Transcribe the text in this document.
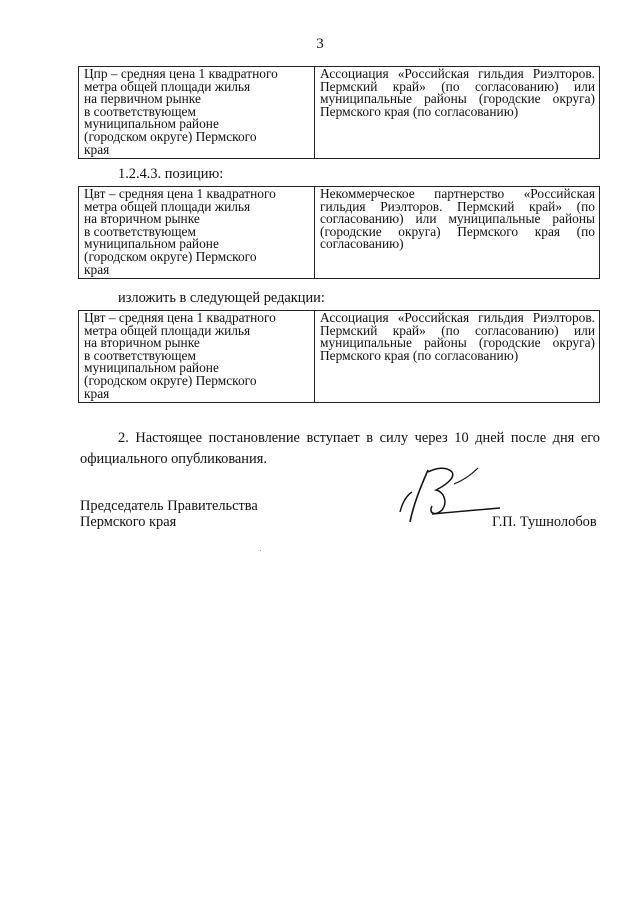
3
Цпр – средняя цена 1 квадратного
метра общей площади жилья
на первичном рынке
в соответствующем
муниципальном районе
(городском округе) Пермского
края
	Ассоциация «Российская гильдия Риэлторов. Пермский край» (по согласованию) или муниципальные районы (городские округа) Пермского края (по согласованию)
1.2.4.3. позицию:
Цвт – средняя цена 1 квадратного
метра общей площади жилья
на вторичном рынке
в соответствующем
муниципальном районе
(городском округе) Пермского
края
	Некоммерческое партнерство «Российская гильдия Риэлторов. Пермский край» (по согласованию) или муниципальные районы (городские округа) Пермского края (по согласованию)
изложить в следующей редакции:
Цвт – средняя цена 1 квадратного
метра общей площади жилья
на вторичном рынке
в соответствующем
муниципальном районе
(городском округе) Пермского
края
	Ассоциация «Российская гильдия Риэлторов. Пермский край» (по согласованию) или муниципальные районы (городские округа) Пермского края (по согласованию)
2. Настоящее постановление вступает в силу через 10 дней после дня его официального опубликования.
Председатель Правительства
Пермского края	Г.П. Тушнолобов
